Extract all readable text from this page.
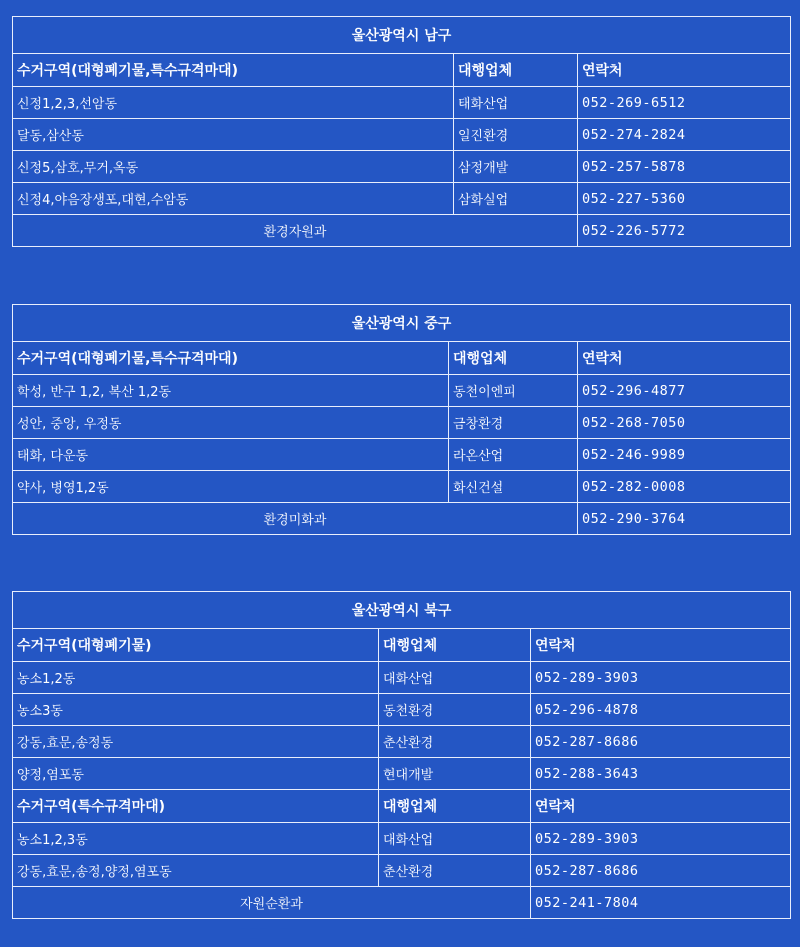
울산광역시 남구		
수거구역(대형폐기물,특수규격마대)	대행업체	연락처
신정1,2,3,선암동	태화산업	052-269-6512
달동,삼산동	일진환경	052-274-2824
신정5,삼호,무거,옥동	삼정개발	052-257-5878
신정4,야음장생포,대현,수암동	삼화실업	052-227-5360
환경자원과		052-226-5772
울산광역시 중구		
수거구역(대형폐기물,특수규격마대)	대행업체	연락처
학성, 반구 1,2, 복산 1,2동	동천이엔피	052-296-4877
성안, 중앙, 우정동	금창환경	052-268-7050
태화, 다운동	라온산업	052-246-9989
약사, 병영1,2동	화신건설	052-282-0008
환경미화과		052-290-3764
울산광역시 북구		
수거구역(대형폐기물)	대행업체	연락처
농소1,2동	대화산업	052-289-3903
농소3동	동천환경	052-296-4878
강동,효문,송정동	춘산환경	052-287-8686
양정,염포동	현대개발	052-288-3643
수거구역(특수규격마대)	대행업체	연락처
농소1,2,3동	대화산업	052-289-3903
강동,효문,송정,양정,염포동	춘산환경	052-287-8686
자원순환과		052-241-7804
